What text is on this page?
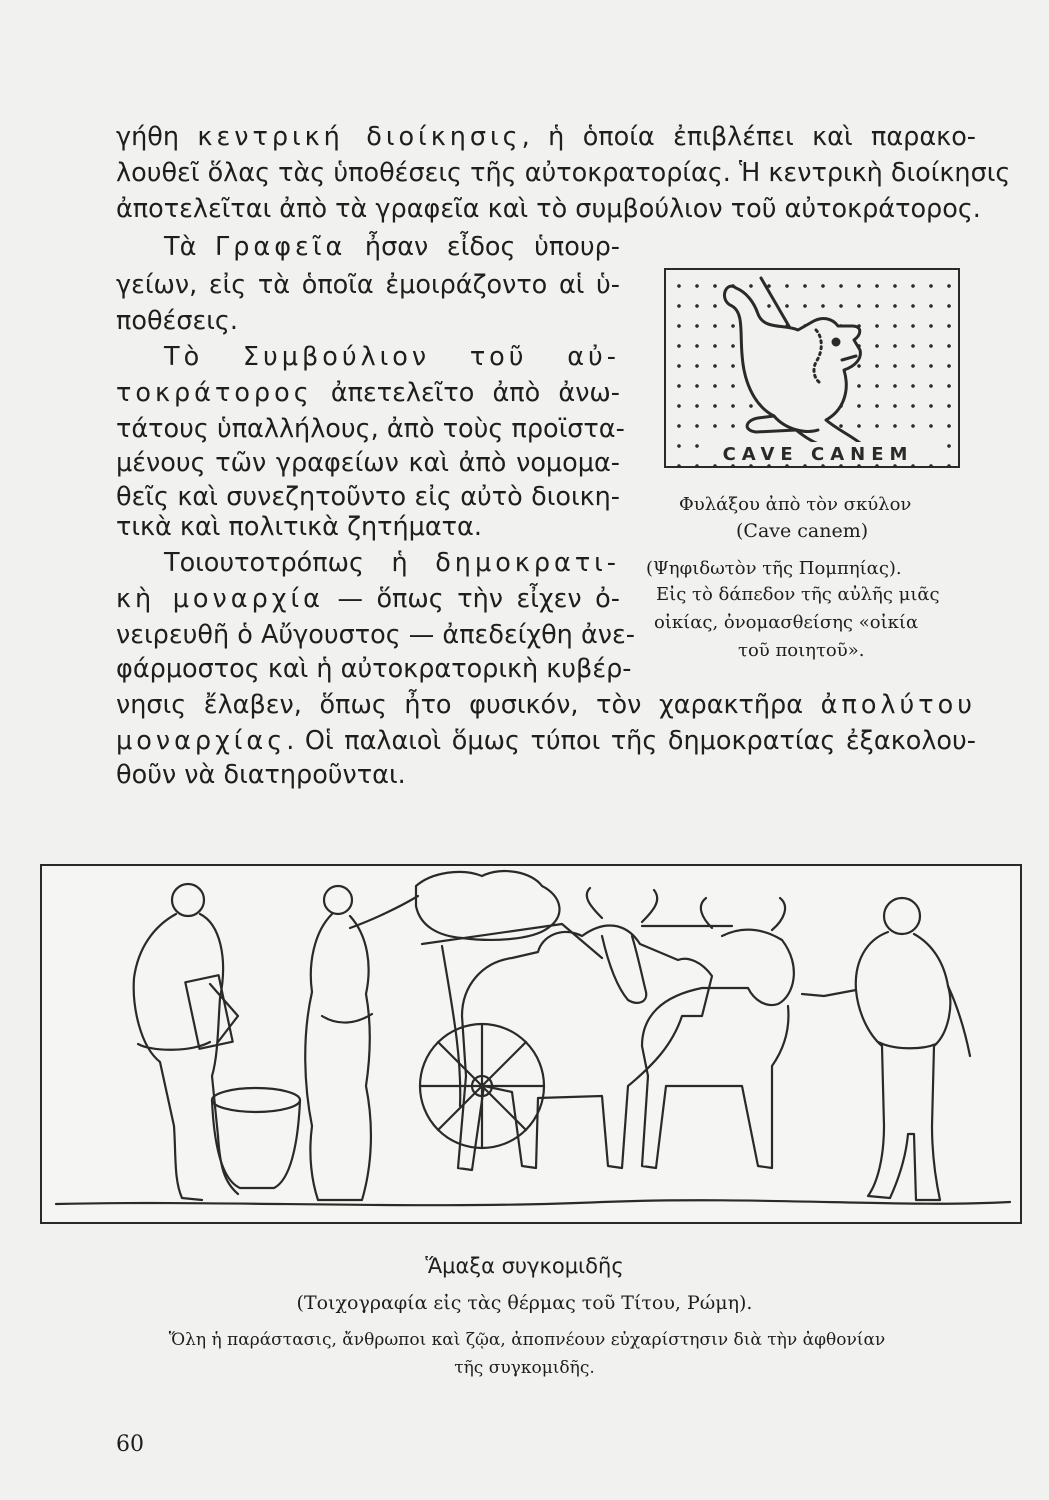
γήθη κεντρική διοίκησις, ἡ ὁποία ἐπιβλέπει καὶ παρακο-
λουθεῖ ὅλας τὰς ὑποθέσεις τῆς αὐτοκρατορίας. Ἡ κεντρικὴ διοίκησις
ἀποτελεῖται ἀπὸ τὰ γραφεῖα καὶ τὸ συμβούλιον τοῦ αὐτοκράτορος.
Τὰ Γραφεῖα ἦσαν εἶδος ὑπουρ-
γείων, εἰς τὰ ὁποῖα ἐμοιράζοντο αἱ ὑ-
ποθέσεις.
Τὸ Συμβούλιον τοῦ αὐ-
τοκράτορος ἀπετελεῖτο ἀπὸ ἀνω-
τάτους ὑπαλλήλους, ἀπὸ τοὺς προϊστα-
μένους τῶν γραφείων καὶ ἀπὸ νομομα-
θεῖς καὶ συνεζητοῦντο εἰς αὐτὸ διοικη-
τικὰ καὶ πολιτικὰ ζητήματα.
Τοιουτοτρόπως ἡ δημοκρατι-
κὴ μοναρχία — ὅπως τὴν εἶχεν ὀ-
νειρευθῆ ὁ Αὔγουστος — ἀπεδείχθη ἀνε-
φάρμοστος καὶ ἡ αὐτοκρατορικὴ κυβέρ-
νησις ἔλαβεν, ὅπως ἦτο φυσικόν, τὸν χαρακτῆρα ἀπολύτου
μοναρχίας. Οἱ παλαιοὶ ὅμως τύποι τῆς δημοκρατίας ἐξακολου-
θοῦν νὰ διατηροῦνται.
CAVE CANEM
Φυλάξου ἀπὸ τὸν σκύλον
(Cave canem)
(Ψηφιδωτὸν τῆς Πομπηίας).
Εἰς τὸ δάπεδον τῆς αὐλῆς μιᾶς
οἰκίας, ὀνομασθείσης «οἰκία
τοῦ ποιητοῦ».
Ἅμαξα συγκομιδῆς
(Τοιχογραφία εἰς τὰς θέρμας τοῦ Τίτου, Ρώμη).
Ὅλη ἡ παράστασις, ἄνθρωποι καὶ ζῷα, ἀποπνέουν εὐχαρίστησιν διὰ τὴν ἀφθονίαν
τῆς συγκομιδῆς.
60
